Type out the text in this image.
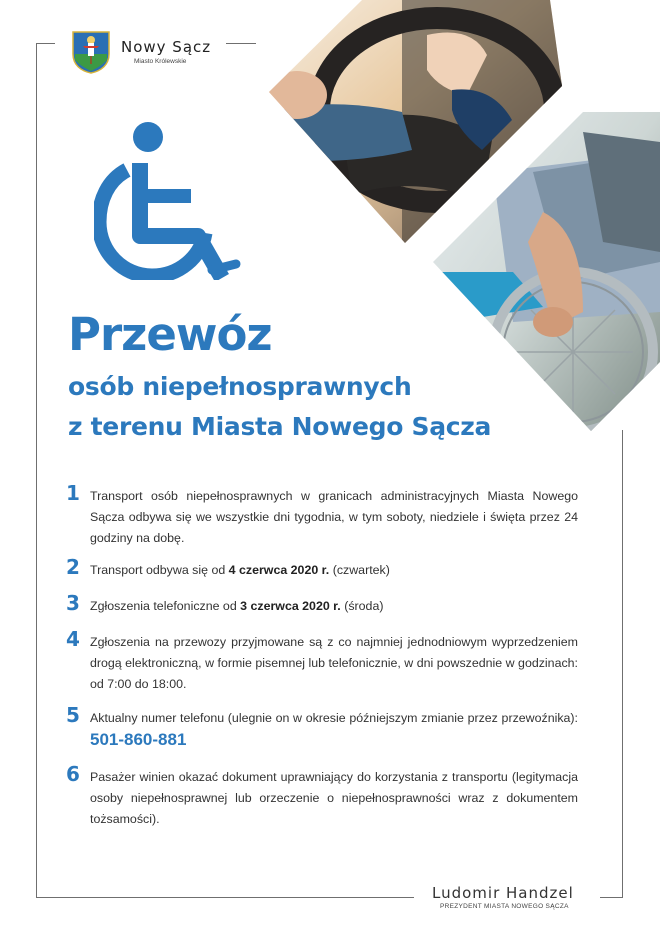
Nowy Sącz
Miasto Królewskie
Przewóz
osób niepełnosprawnych
z terenu Miasta Nowego Sącza
1 Transport osób niepełnosprawnych w granicach administracyjnych Miasta Nowego Sącza odbywa się we wszystkie dni tygodnia, w tym soboty, niedziele i święta przez 24 godziny na dobę.
2 Transport odbywa się od 4 czerwca 2020 r. (czwartek)
3 Zgłoszenia telefoniczne od 3 czerwca 2020 r. (środa)
4 Zgłoszenia na przewozy przyjmowane są z co najmniej jednodniowym wyprzedzeniem drogą elektroniczną, w formie pisemnej lub telefonicznie, w dni powszednie w godzinach: od 7:00 do 18:00.
5 Aktualny numer telefonu (ulegnie on w okresie późniejszym zmianie przez przewoźnika): 501-860-881
6 Pasażer winien okazać dokument uprawniający do korzystania z transportu (legitymacja osoby niepełnosprawnej lub orzeczenie o niepełnosprawności wraz z dokumentem tożsamości).
Ludomir Handzel
PREZYDENT MIASTA NOWEGO SĄCZA
